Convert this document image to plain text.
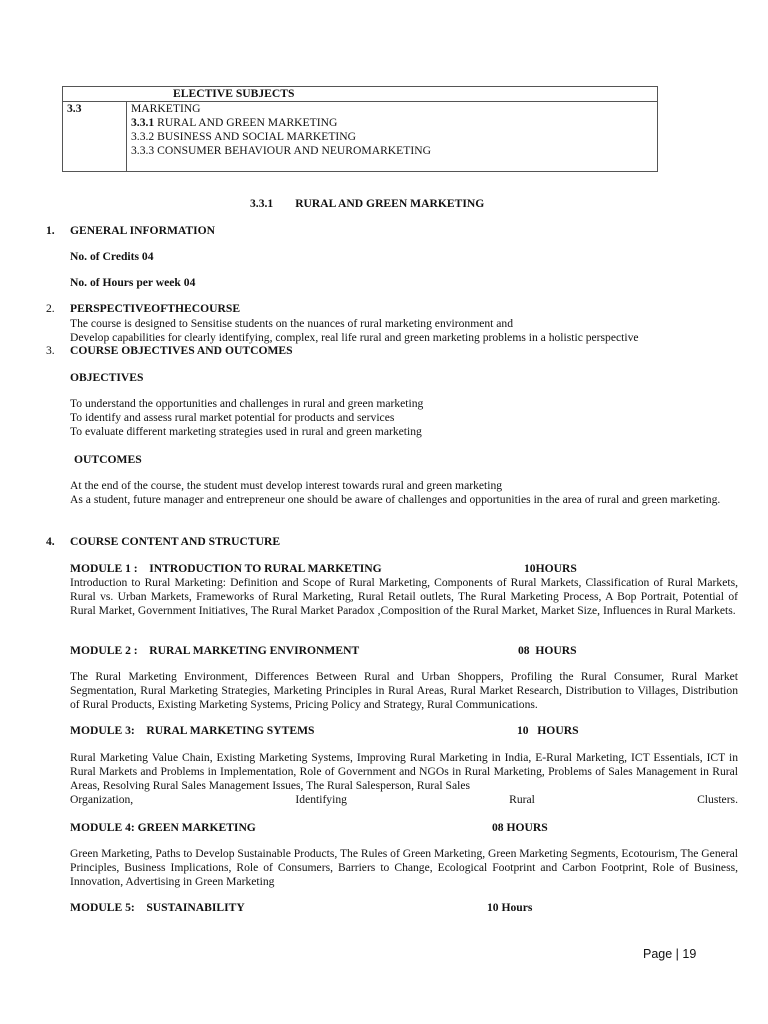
ELECTIVE SUBJECTS
3.3	MARKETING
3.3.1 RURAL AND GREEN MARKETING
3.3.2 BUSINESS AND SOCIAL MARKETING
3.3.3 CONSUMER BEHAVIOUR AND NEUROMARKETING
3.3.1 RURAL AND GREEN MARKETING
1. GENERAL INFORMATION
No. of Credits 04
No. of Hours per week 04
2. PERSPECTIVEOFTHECOURSE
The course is designed to Sensitise students on the nuances of rural marketing environment and
Develop capabilities for clearly identifying, complex, real life rural and green marketing problems in a holistic perspective
3. COURSE OBJECTIVES AND OUTCOMES
OBJECTIVES
To understand the opportunities and challenges in rural and green marketing
To identify and assess rural market potential for products and services
To evaluate different marketing strategies used in rural and green marketing
OUTCOMES
At the end of the course, the student must develop interest towards rural and green marketing
As a student, future manager and entrepreneur one should be aware of challenges and opportunities in the area of rural and green marketing.
4. COURSE CONTENT AND STRUCTURE
MODULE 1 :    INTRODUCTION TO RURAL MARKETING	10HOURS
Introduction to Rural Marketing: Definition and Scope of Rural Marketing, Components of Rural Markets, Classification of Rural Markets, Rural vs. Urban Markets, Frameworks of Rural Marketing, Rural Retail outlets, The Rural Marketing Process, A Bop Portrait, Potential of Rural Market, Government Initiatives, The Rural Market Paradox ,Composition of the Rural Market, Market Size, Influences in Rural Markets.
MODULE 2 :    RURAL MARKETING ENVIRONMENT	08  HOURS
The Rural Marketing Environment, Differences Between Rural and Urban Shoppers, Profiling the Rural Consumer, Rural Market Segmentation, Rural Marketing Strategies, Marketing Principles in Rural Areas, Rural Market Research, Distribution to Villages, Distribution of Rural Products, Existing Marketing Systems, Pricing Policy and Strategy, Rural Communications.
MODULE 3:    RURAL MARKETING SYTEMS	10   HOURS
Rural Marketing Value Chain, Existing Marketing Systems, Improving Rural Marketing in India, E-Rural Marketing, ICT Essentials, ICT in Rural Markets and Problems in Implementation, Role of Government and NGOs in Rural Marketing, Problems of Sales Management in Rural Areas, Resolving Rural Sales Management Issues, The Rural Salesperson, Rural Sales
Organization,	Identifying	Rural	Clusters.
MODULE 4: GREEN MARKETING	08 HOURS
Green Marketing, Paths to Develop Sustainable Products, The Rules of Green Marketing, Green Marketing Segments, Ecotourism, The General Principles, Business Implications, Role of Consumers, Barriers to Change, Ecological Footprint and Carbon Footprint, Role of Business, Innovation, Advertising in Green Marketing
MODULE 5:    SUSTAINABILITY	10 Hours
Page | 19
